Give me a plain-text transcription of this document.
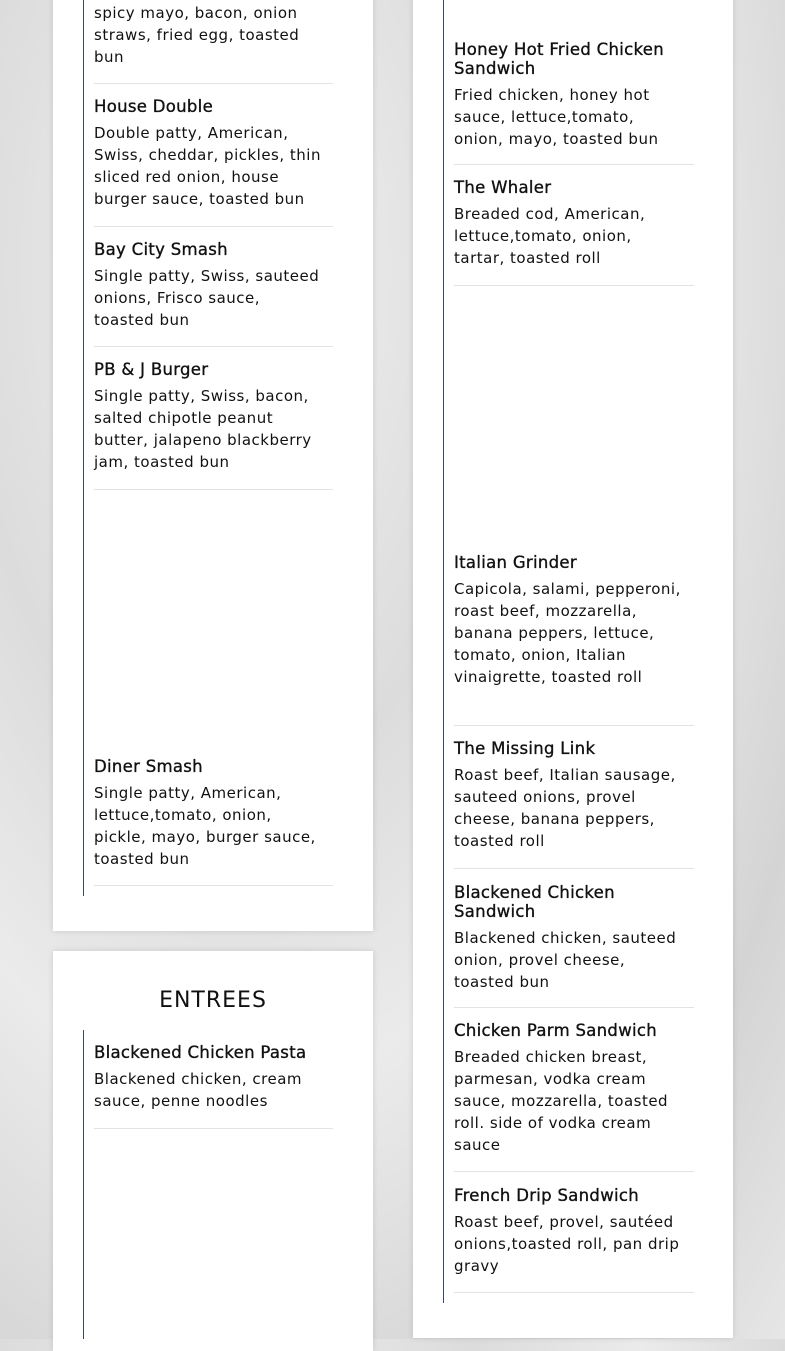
spicy mayo, bacon, onion straws, fried egg, toasted bun

House Double

Double patty, American, Swiss, cheddar, pickles, thin sliced red onion, house burger sauce, toasted bun

Bay City Smash

Single patty, Swiss, sauteed onions, Frisco sauce, toasted bun

PB & J Burger

Single patty, Swiss, bacon, salted chipotle peanut butter, jalapeno blackberry jam, toasted bun

Diner Smash

Single patty, American, lettuce,tomato, onion, pickle, mayo, burger sauce, toasted bun

ENTREES

Blackened Chicken Pasta

Blackened chicken, cream sauce, penne noodles

Honey Hot Fried Chicken Sandwich

Fried chicken, honey hot sauce, lettuce,tomato, onion, mayo, toasted bun

The Whaler

Breaded cod, American, lettuce,tomato, onion, tartar, toasted roll

Italian Grinder

Capicola, salami, pepperoni, roast beef, mozzarella, banana peppers, lettuce, tomato, onion, Italian vinaigrette, toasted roll

The Missing Link

Roast beef, Italian sausage, sauteed onions, provel cheese, banana peppers, toasted roll

Blackened Chicken Sandwich

Blackened chicken, sauteed onion, provel cheese, toasted bun

Chicken Parm Sandwich

Breaded chicken breast, parmesan, vodka cream sauce, mozzarella, toasted roll. side of vodka cream sauce

French Drip Sandwich

Roast beef, provel, sautéed onions,toasted roll, pan drip gravy
